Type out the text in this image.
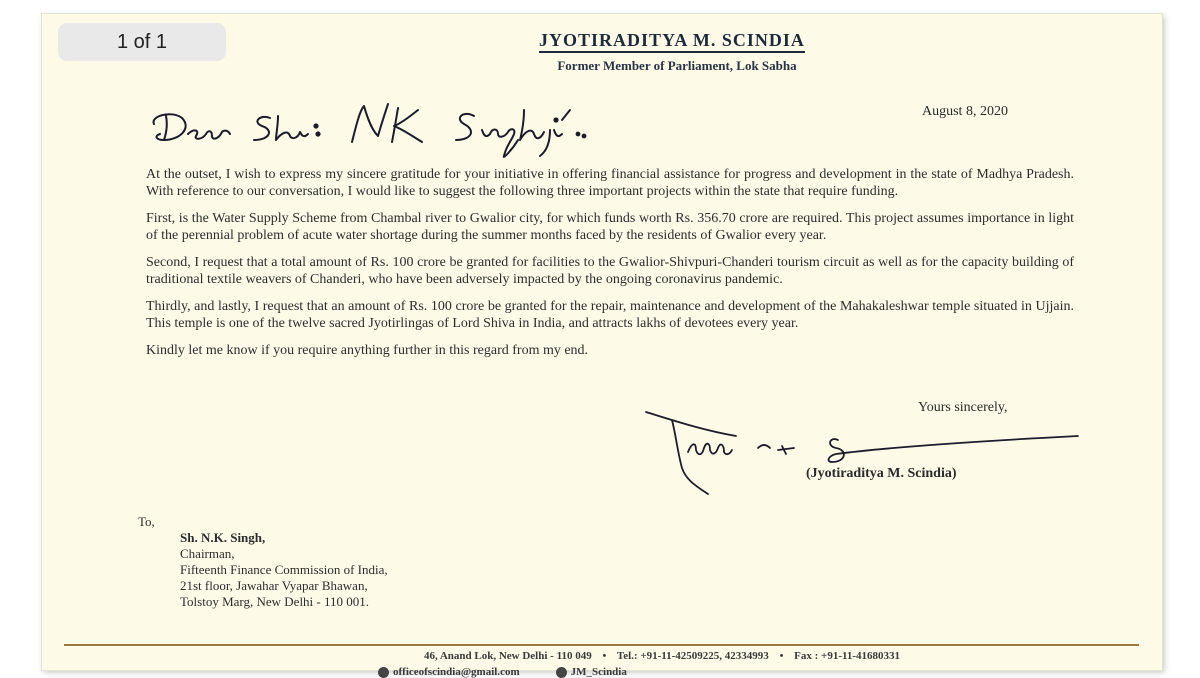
1 of 1	JYOTIRADITYA M. SCINDIA
Former Member of Parliament, Lok Sabha
August 8, 2020

At the outset, I wish to express my sincere gratitude for your initiative in offering financial assistance for progress and development in the state of Madhya Pradesh. With reference to our conversation, I would like to suggest the following three important projects within the state that require funding.

First, is the Water Supply Scheme from Chambal river to Gwalior city, for which funds worth Rs. 356.70 crore are required. This project assumes importance in light of the perennial problem of acute water shortage during the summer months faced by the residents of Gwalior every year.

Second, I request that a total amount of Rs. 100 crore be granted for facilities to the Gwalior-Shivpuri-Chanderi tourism circuit as well as for the capacity building of traditional textile weavers of Chanderi, who have been adversely impacted by the ongoing coronavirus pandemic.

Thirdly, and lastly, I request that an amount of Rs. 100 crore be granted for the repair, maintenance and development of the Mahakaleshwar temple situated in Ujjain. This temple is one of the twelve sacred Jyotirlingas of Lord Shiva in India, and attracts lakhs of devotees every year.

Kindly let me know if you require anything further in this regard from my end.

Yours sincerely,
(Jyotiraditya M. Scindia)
To,
Sh. N.K. Singh,
Chairman,
Fifteenth Finance Commission of India,
21st floor, Jawahar Vyapar Bhawan,
Tolstoy Marg, New Delhi - 110 001.
46, Anand Lok, New Delhi - 110 049 • Tel.: +91-11-42509225, 42334993 • Fax : +91-11-41680331
officeofscindia@gmail.com	JM_Scindia
